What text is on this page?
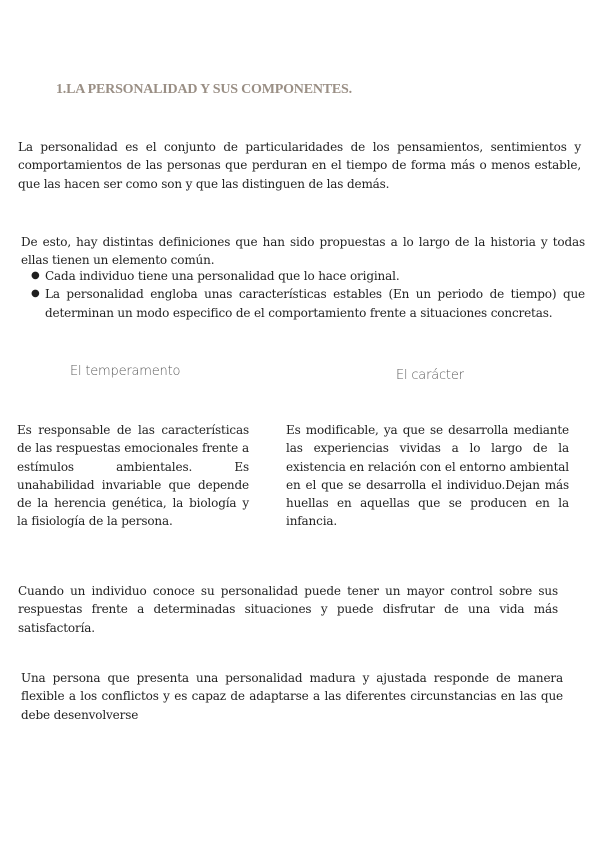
1.LA PERSONALIDAD Y SUS COMPONENTES.

La personalidad es el conjunto de particularidades de los pensamientos, sentimientos y comportamientos de las personas que perduran en el tiempo de forma más o menos estable, que las hacen ser como son y que las distinguen de las demás.

De esto, hay distintas definiciones que han sido propuestas a lo largo de la historia y todas ellas tienen un elemento común.

● Cada individuo tiene una personalidad que lo hace original.
● La personalidad engloba unas características estables (En un periodo de tiempo) que determinan un modo especifico de el comportamiento frente a situaciones concretas.
El temperamento	El carácter

Es responsable de las características de las respuestas emocionales frente a estímulos ambientales. Es unahabilidad invariable que depende de la herencia genética, la biología y la fisiología de la persona.

Es modificable, ya que se desarrolla mediante las experiencias vividas a lo largo de la existencia en relación con el entorno ambiental en el que se desarrolla el individuo.Dejan más huellas en aquellas que se producen en la infancia.

Cuando un individuo conoce su personalidad puede tener un mayor control sobre sus respuestas frente a determinadas situaciones y puede disfrutar de una vida más satisfactoría.

Una persona que presenta una personalidad madura y ajustada responde de manera flexible a los conflictos y es capaz de adaptarse a las diferentes circunstancias en las que debe desenvolverse
